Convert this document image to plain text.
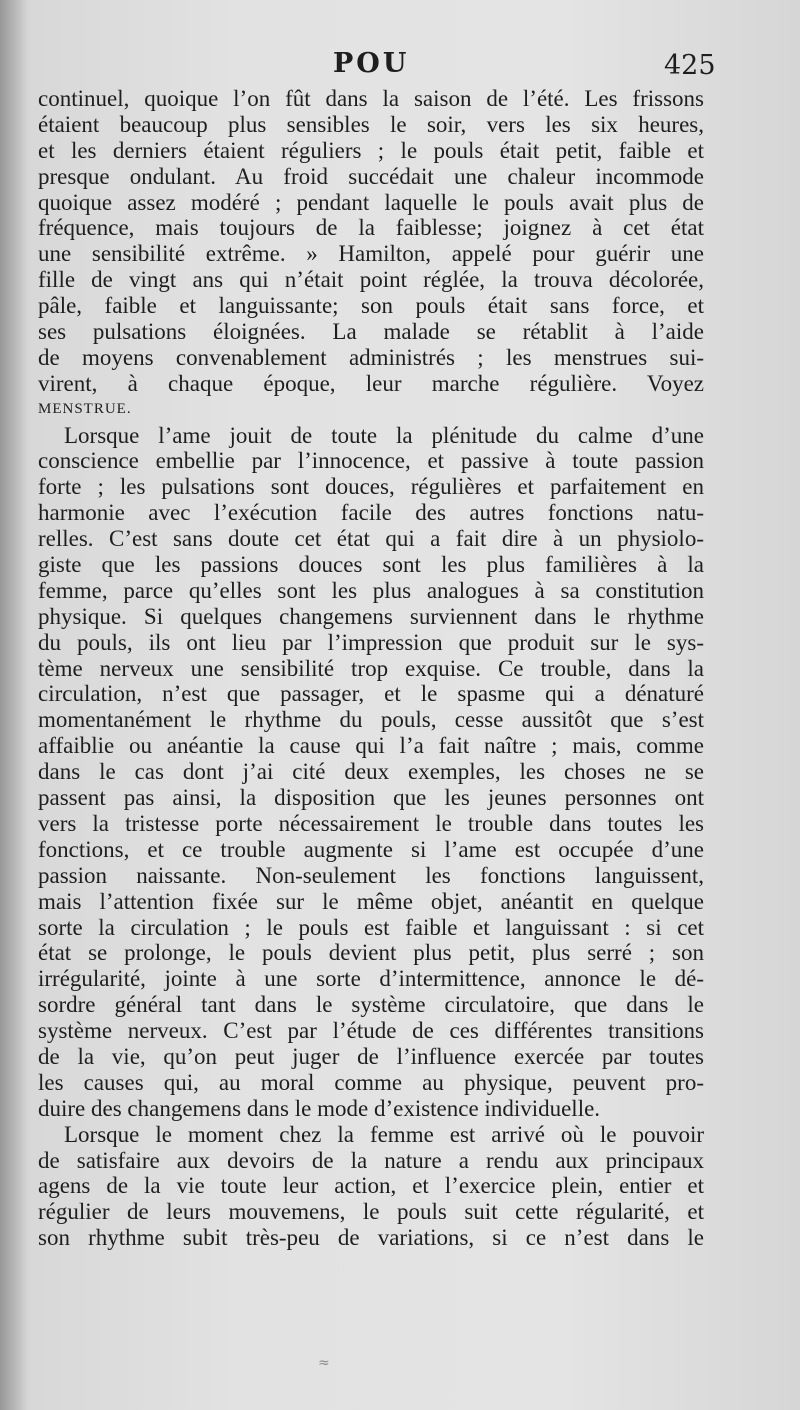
POU	425
continuel, quoique l’on fût dans la saison de l’été. Les frissons
étaient beaucoup plus sensibles le soir, vers les six heures,
et les derniers étaient réguliers ; le pouls était petit, faible et
presque ondulant. Au froid succédait une chaleur incommode
quoique assez modéré ; pendant laquelle le pouls avait plus de
fréquence, mais toujours de la faiblesse; joignez à cet état
une sensibilité extrême. » Hamilton, appelé pour guérir une
fille de vingt ans qui n’était point réglée, la trouva décolorée,
pâle, faible et languissante; son pouls était sans force, et
ses pulsations éloignées. La malade se rétablit à l’aide
de moyens convenablement administrés ; les menstrues sui-
virent, à chaque époque, leur marche régulière. Voyez
MENSTRUE.
Lorsque l’ame jouit de toute la plénitude du calme d’une
conscience embellie par l’innocence, et passive à toute passion
forte ; les pulsations sont douces, régulières et parfaitement en
harmonie avec l’exécution facile des autres fonctions natu-
relles. C’est sans doute cet état qui a fait dire à un physiolo-
giste que les passions douces sont les plus familières à la
femme, parce qu’elles sont les plus analogues à sa constitution
physique. Si quelques changemens surviennent dans le rhythme
du pouls, ils ont lieu par l’impression que produit sur le sys-
tème nerveux une sensibilité trop exquise. Ce trouble, dans la
circulation, n’est que passager, et le spasme qui a dénaturé
momentanément le rhythme du pouls, cesse aussitôt que s’est
affaiblie ou anéantie la cause qui l’a fait naître ; mais, comme
dans le cas dont j’ai cité deux exemples, les choses ne se
passent pas ainsi, la disposition que les jeunes personnes ont
vers la tristesse porte nécessairement le trouble dans toutes les
fonctions, et ce trouble augmente si l’ame est occupée d’une
passion naissante. Non-seulement les fonctions languissent,
mais l’attention fixée sur le même objet, anéantit en quelque
sorte la circulation ; le pouls est faible et languissant : si cet
état se prolonge, le pouls devient plus petit, plus serré ; son
irrégularité, jointe à une sorte d’intermittence, annonce le dé-
sordre général tant dans le système circulatoire, que dans le
système nerveux. C’est par l’étude de ces différentes transitions
de la vie, qu’on peut juger de l’influence exercée par toutes
les causes qui, au moral comme au physique, peuvent pro-
duire des changemens dans le mode d’existence individuelle.
Lorsque le moment chez la femme est arrivé où le pouvoir
de satisfaire aux devoirs de la nature a rendu aux principaux
agens de la vie toute leur action, et l’exercice plein, entier et
régulier de leurs mouvemens, le pouls suit cette régularité, et
son rhythme subit très-peu de variations, si ce n’est dans le
≈
